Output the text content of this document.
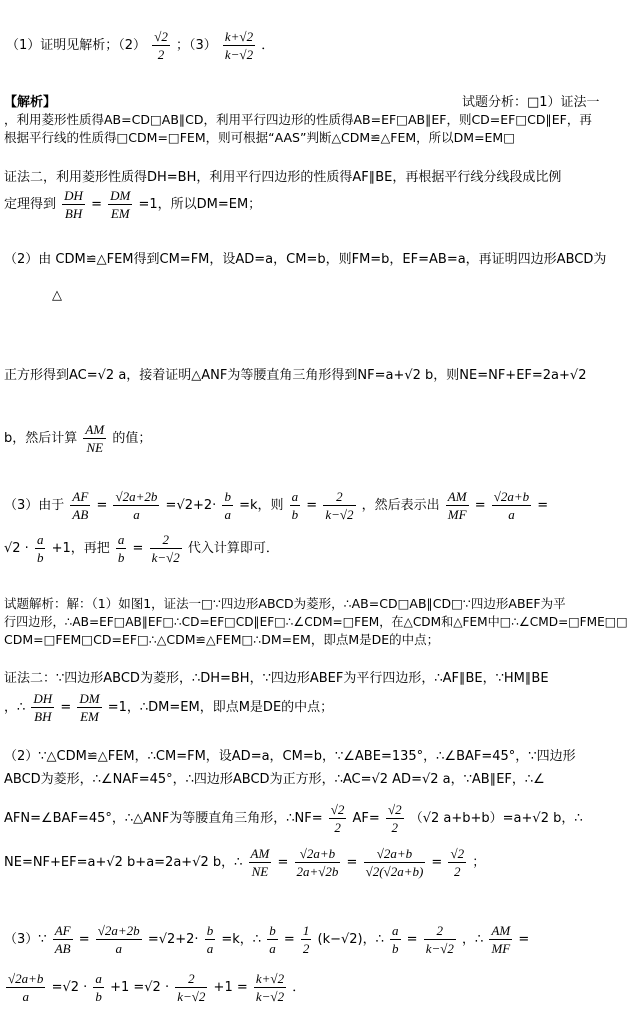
（1）证明见解析；$(2) \frac{√2}{2}$ ；$(3) \frac{k+√2}{k-√2}$ ．
【解析】	试题分析：□1）证法一
，利用菱形性质得AB=CD□AB∥CD，利用平行四边形的性质得AB=EF□AB∥EF，则CD=EF□CD∥EF，再
根据平行线的性质得□CDM=□FEM，则可根据“AAS”判断△CDM≌△FEM，所以DM=EM□
证法二，利用菱形性质得DH=BH，利用平行四边形的性质得AF∥BE，再根据平行线分线段成比例
定理得到 $\frac{DH}{BH} = \frac{DM}{EM} =1$，所以DM=EM；
（2）由 CDM≌△FEM得到CM=FM，设AD=a，CM=b，则FM=b，EF=AB=a，再证明四边形ABCD为
△
正方形得到AC=√2 a，接着证明△ANF为等腰直角三角形得到NF=a+√2 b，则NE=NF+EF=2a+√2
b，然后计算 $\frac{AM}{NE}$ 的值；
（3）由于 $\frac{AF}{AB} = \frac{√2a+2b}{a} =√2+2\cdot \frac{b}{a} =k$，则 $\frac{a}{b} = \frac{2}{k-√2}$ ，然后表示出 $\frac{AM}{MF} = \frac{√2a+b}{a}$ =
$√2 \cdot \frac{a}{b} +1$，再把 $\frac{a}{b} = \frac{2}{k-√2}$ 代入计算即可．
试题解析：解：（1）如图1，证法一□∵四边形ABCD为菱形，∴AB=CD□AB∥CD□∵四边形ABEF为平
行四边形，∴AB=EF□AB∥EF□∴CD=EF□CD∥EF□∴∠CDM=□FEM，在△CDM和△FEM中□∴∠CMD=□FME□□
CDM=□FEM□CD=EF□∴△CDM≌△FEM□∴DM=EM，即点M是DE的中点；
证法二：∵四边形ABCD为菱形，∴DH=BH，∵四边形ABEF为平行四边形，∴AF∥BE，∵HM∥BE
，∴ $\frac{DH}{BH} = \frac{DM}{EM} =1$，∴DM=EM，即点M是DE的中点；
（2）∵△CDM≌△FEM，∴CM=FM，设AD=a，CM=b，∵∠ABE=135°，∴∠BAF=45°，∵四边形
ABCD为菱形，∴∠NAF=45°，∴四边形ABCD为正方形，∴AC=√2 AD=√2 a，∵AB∥EF，∴∠
AFN=∠BAF=45°，∴△ANF为等腰直角三角形，∴NF= $\frac{√2}{2} AF= \frac{√2}{2} (√2$ a+b+b）=a+√2 b，∴
NE=NF+EF=a+√2 b+a=2a+√2 b，∴ $\frac{AM}{NE} = \frac{√2a+b}{2a+√2b} = \frac{√2a+b}{√2(√2a+b)} = \frac{√2}{2}$ ；
（3）∵ $\frac{AF}{AB} = \frac{√2a+2b}{a} =√2+2\cdot \frac{b}{a} =k$，∴ $\frac{b}{a} = \frac{1}{2} (k-√2)$，∴ $\frac{a}{b} = \frac{2}{k-√2}$ ，∴ $\frac{AM}{MF}$ =
$\frac{√2a+b}{a} =√2 \cdot \frac{a}{b} +1 =√2 \cdot \frac{2}{k-√2} +1 = \frac{k+√2}{k-√2}$ ．
